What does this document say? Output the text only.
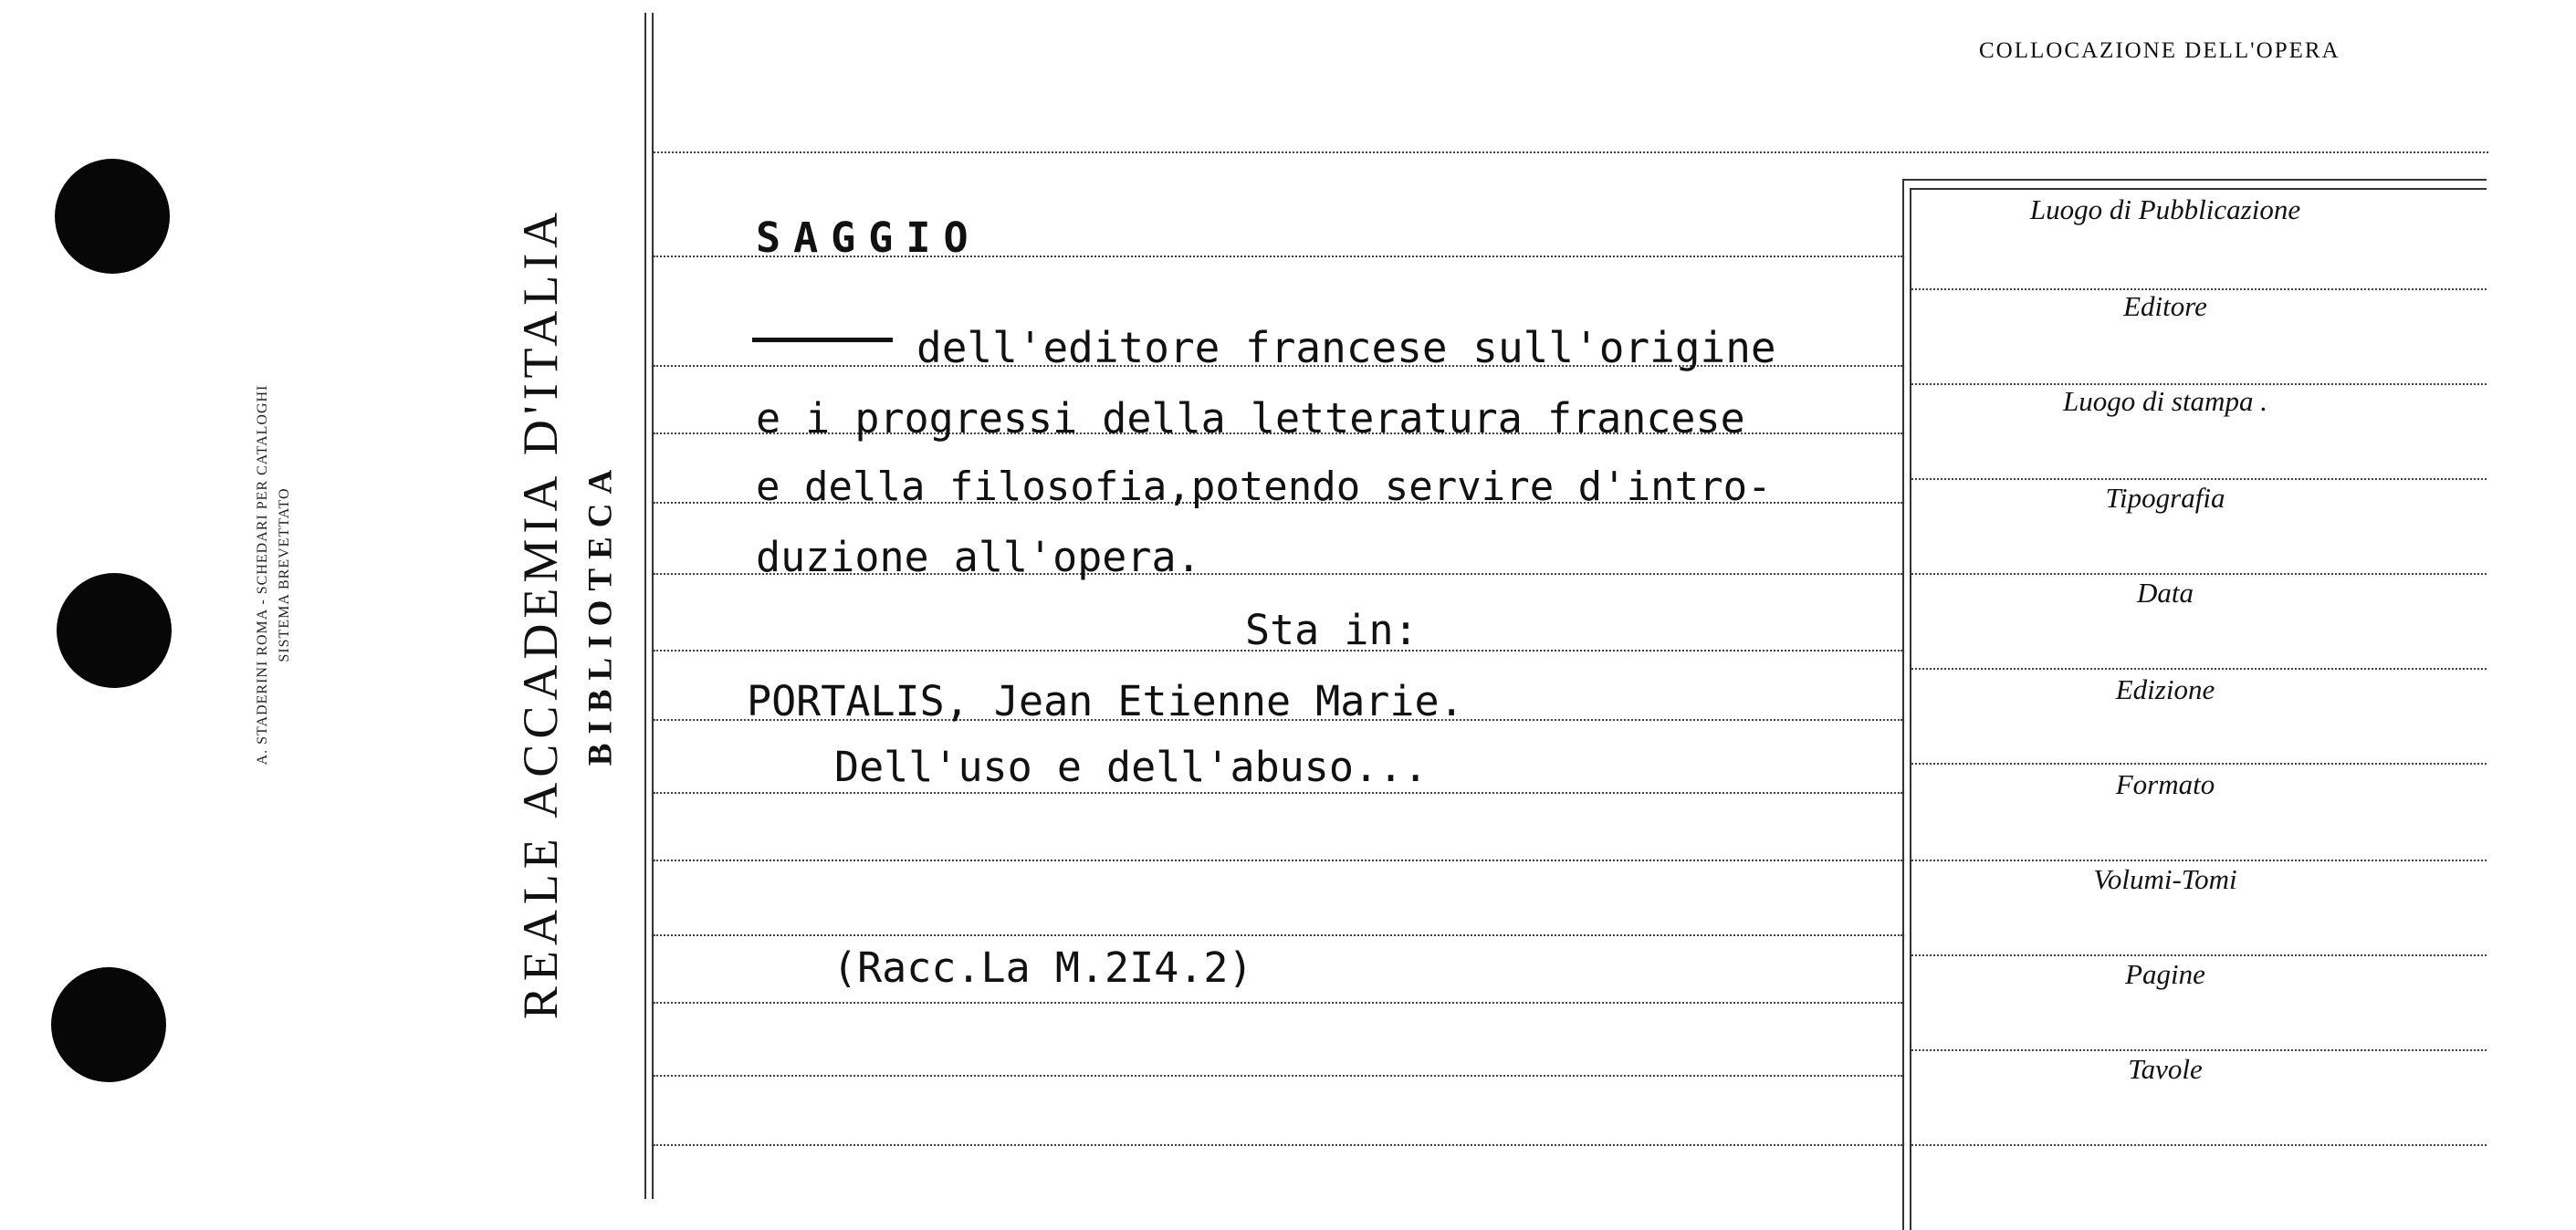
A. STADERINI ROMA - SCHEDARI PER CATALOGHI SISTEMA BREVETTATO	REALE ACCADEMIA D'ITALIA BIBLIOTECA
COLLOCAZIONE DELL'OPERA
Luogo di Pubblicazione
Editore
Luogo di stampa .
Tipografia
Data
Edizione
Formato
Volumi-Tomi
Pagine
Tavole
SAGGIO
dell'editore francese sull'origine
e i progressi della letteratura francese
e della filosofia,potendo servire d'intro-
duzione all'opera.
Sta in:
PORTALIS, Jean Etienne Marie.
Dell'uso e dell'abuso...
(Racc.La M.2I4.2)
